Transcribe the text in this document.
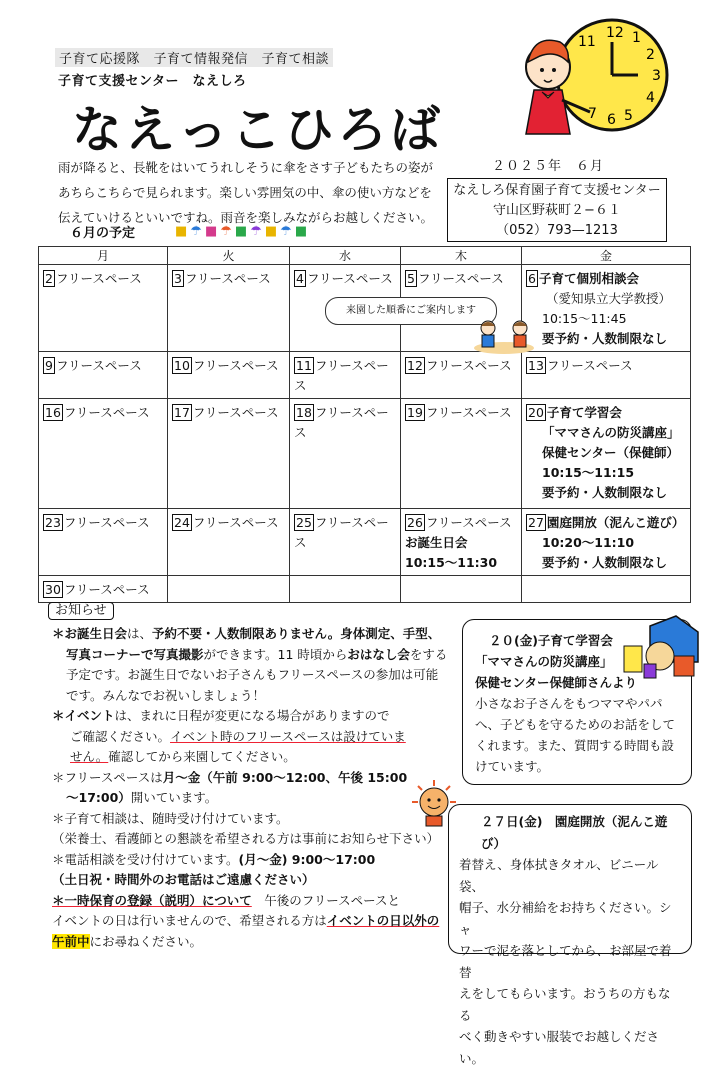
子育て応援隊　子育て情報発信　子育て相談
子育て支援センター　なえしろ
なえっこひろば
12 1
2
3
4
5
6
7
11
雨が降ると、長靴をはいてうれしそうに傘をさす子どもたちの姿が
あちらこちらで見られます。楽しい雰囲気の中、傘の使い方などを
伝えていけるといいですね。雨音を楽しみながらお越しください。
２０２５年　６月
なえしろ保育園子育て支援センター
守山区野萩町２−６１
（052）793—1213
６月の予定	■☂■☂■☂■☂■
月	火	水	木	金
2 フリースペース	3 フリースペース	4 フリースペース	5 フリースペース	6 子育て個別相談会
（愛知県立大学教授）
10:15〜11:45
要予約・人数制限なし

9 フリースペース	10 フリースペース	11 フリースペース	12 フリースペース	13 フリースペース
16 フリースペース	17 フリースペース	18 フリースペース	19 フリースペース	20 子育て学習会
「ママさんの防災講座」
保健センター（保健師）
10:15〜11:15
要予約・人数制限なし

23 フリースペース	24 フリースペース	25 フリースペース	26 フリースペース
お誕生日会
10:15〜11:30	27 園庭開放（泥んこ遊び）
10:20〜11:10
要予約・人数制限なし

30 フリースペース				
来園した順番にご案内します
お知らせ

＊お誕生日会は、予約不要・人数制限ありません。身体測定、手型、

写真コーナーで写真撮影ができます。11 時頃からおはなし会をする

予定です。お誕生日でないお子さんもフリースペースの参加は可能

です。みんなでお祝いしましょう！

＊イベントは、まれに日程が変更になる場合がありますので

ご確認ください。イベント時のフリースペースは設けていま

せん。確認してから来園してください。

＊フリースペースは月〜金（午前 9:00〜12:00、午後 15:00

〜17:00）開いています。

＊子育て相談は、随時受け付けています。

（栄養士、看護師との懇談を希望される方は事前にお知らせ下さい）

＊電話相談を受け付けています。(月〜金) 9:00〜17:00

（土日祝・時間外のお電話はご遠慮ください）

＊一時保育の登録（説明）について　午後のフリースペースと

イベントの日は行いませんので、希望される方はイベントの日以外の

午前中にお尋ねください。

２０(金)子育て学習会

「ママさんの防災講座」

保健センター保健師さんより

小さなお子さんをもつママやパパ

へ、子どもを守るためのお話をして

くれます。また、質問する時間も設

けています。

２７日(金)　園庭開放（泥んこ遊び）

着替え、身体拭きタオル、ビニール袋、

帽子、水分補給をお持ちください。シャ

ワーで泥を落としてから、お部屋で着替

えをしてもらいます。おうちの方もなる

べく動きやすい服装でお越しください。
